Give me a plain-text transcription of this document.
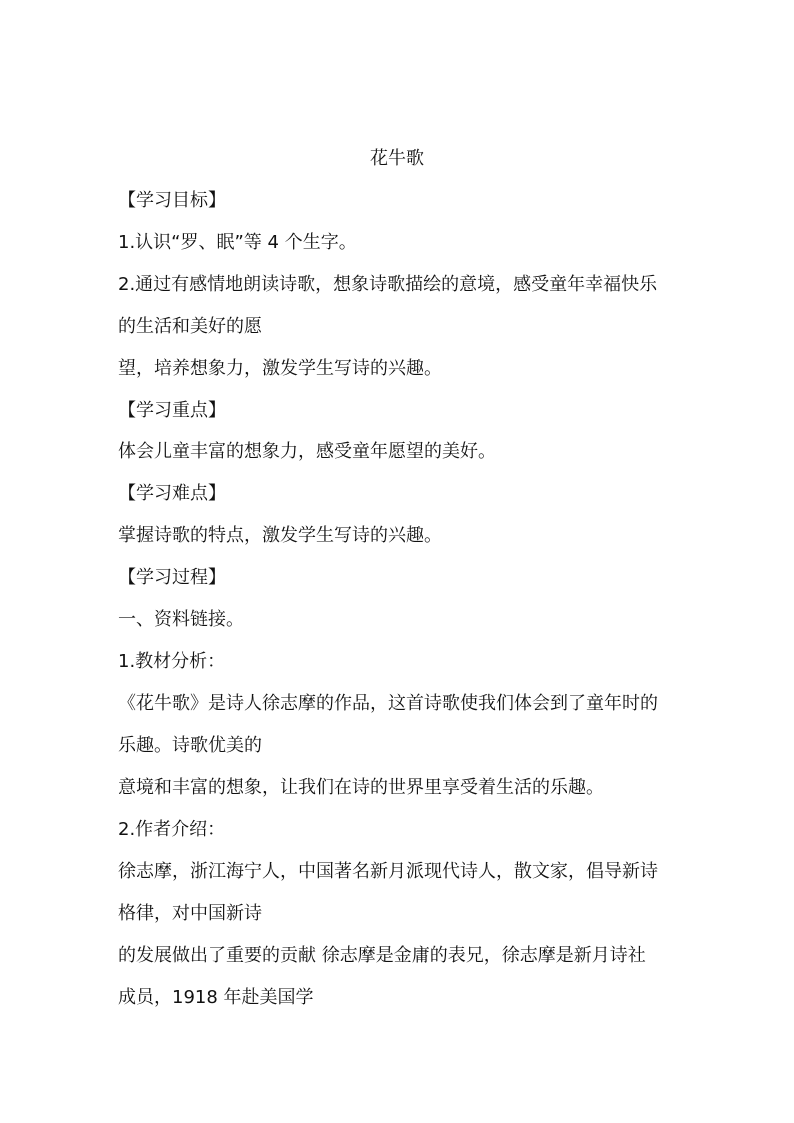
花牛歌

【学习目标】

1.认识“罗、眠”等 4 个生字。

2.通过有感情地朗读诗歌，想象诗歌描绘的意境，感受童年幸福快乐

的生活和美好的愿

望，培养想象力，激发学生写诗的兴趣。

【学习重点】

体会儿童丰富的想象力，感受童年愿望的美好。

【学习难点】

掌握诗歌的特点，激发学生写诗的兴趣。

【学习过程】

一、资料链接。

1.教材分析：

《花牛歌》是诗人徐志摩的作品，这首诗歌使我们体会到了童年时的

乐趣。诗歌优美的

意境和丰富的想象，让我们在诗的世界里享受着生活的乐趣。

2.作者介绍：

徐志摩，浙江海宁人，中国著名新月派现代诗人，散文家，倡导新诗

格律，对中国新诗

的发展做出了重要的贡献 徐志摩是金庸的表兄，徐志摩是新月诗社

成员，1918 年赴美国学
